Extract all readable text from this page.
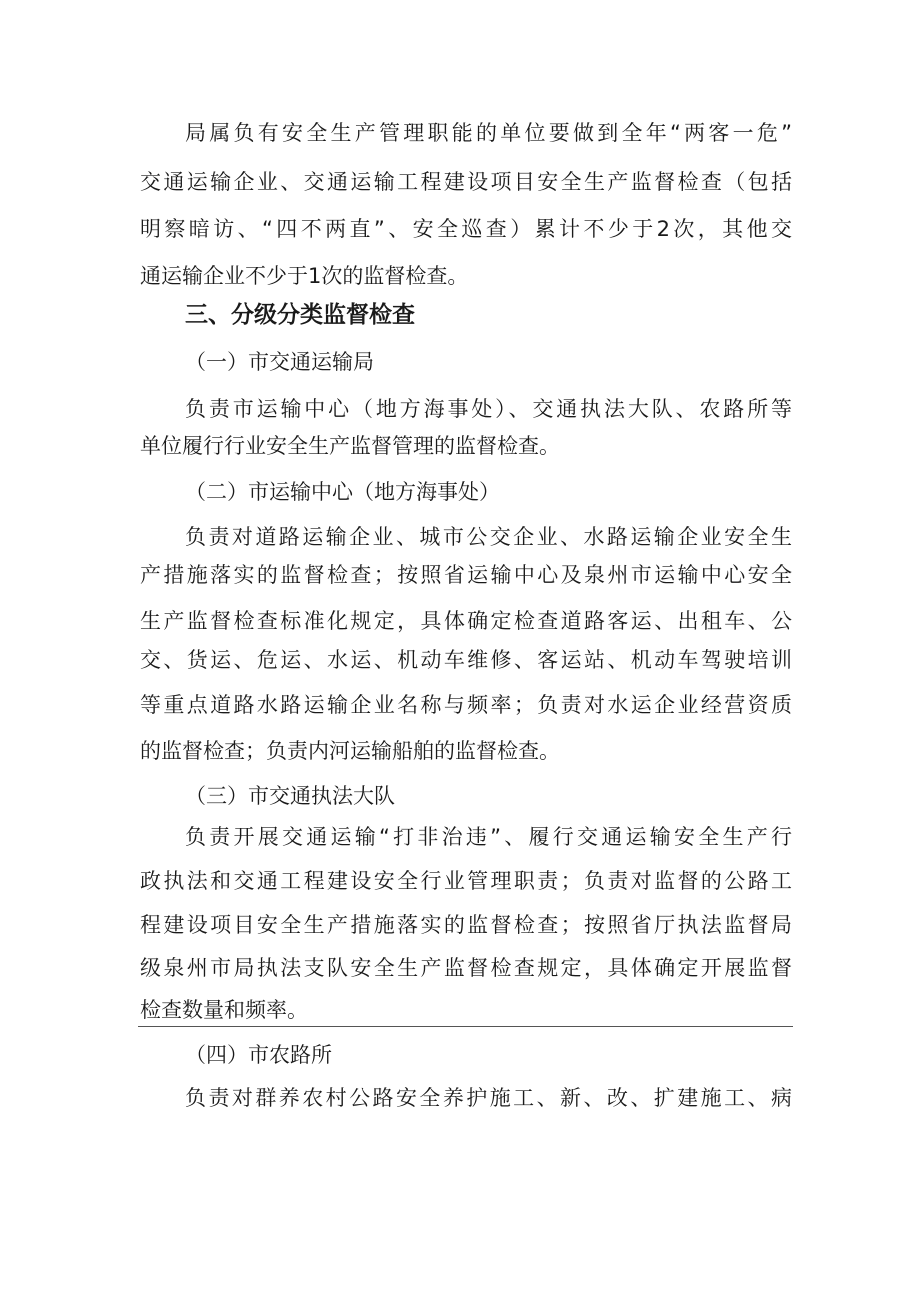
局属负有安全生产管理职能的单位要做到全年“两客一危”
交通运输企业、交通运输工程建设项目安全生产监督检查（包括
明察暗访、“四不两直”、安全巡查）累计不少于2次，其他交
通运输企业不少于1次的监督检查。
三、分级分类监督检查
（一）市交通运输局
负责市运输中心（地方海事处）、交通执法大队、农路所等
单位履行行业安全生产监督管理的监督检查。
（二）市运输中心（地方海事处）
负责对道路运输企业、城市公交企业、水路运输企业安全生
产措施落实的监督检查；按照省运输中心及泉州市运输中心安全
生产监督检查标准化规定，具体确定检查道路客运、出租车、公
交、货运、危运、水运、机动车维修、客运站、机动车驾驶培训
等重点道路水路运输企业名称与频率；负责对水运企业经营资质
的监督检查；负责内河运输船舶的监督检查。
（三）市交通执法大队
负责开展交通运输“打非治违”、履行交通运输安全生产行
政执法和交通工程建设安全行业管理职责；负责对监督的公路工
程建设项目安全生产措施落实的监督检查；按照省厅执法监督局
级泉州市局执法支队安全生产监督检查规定，具体确定开展监督
检查数量和频率。
（四）市农路所
负责对群养农村公路安全养护施工、新、改、扩建施工、病
